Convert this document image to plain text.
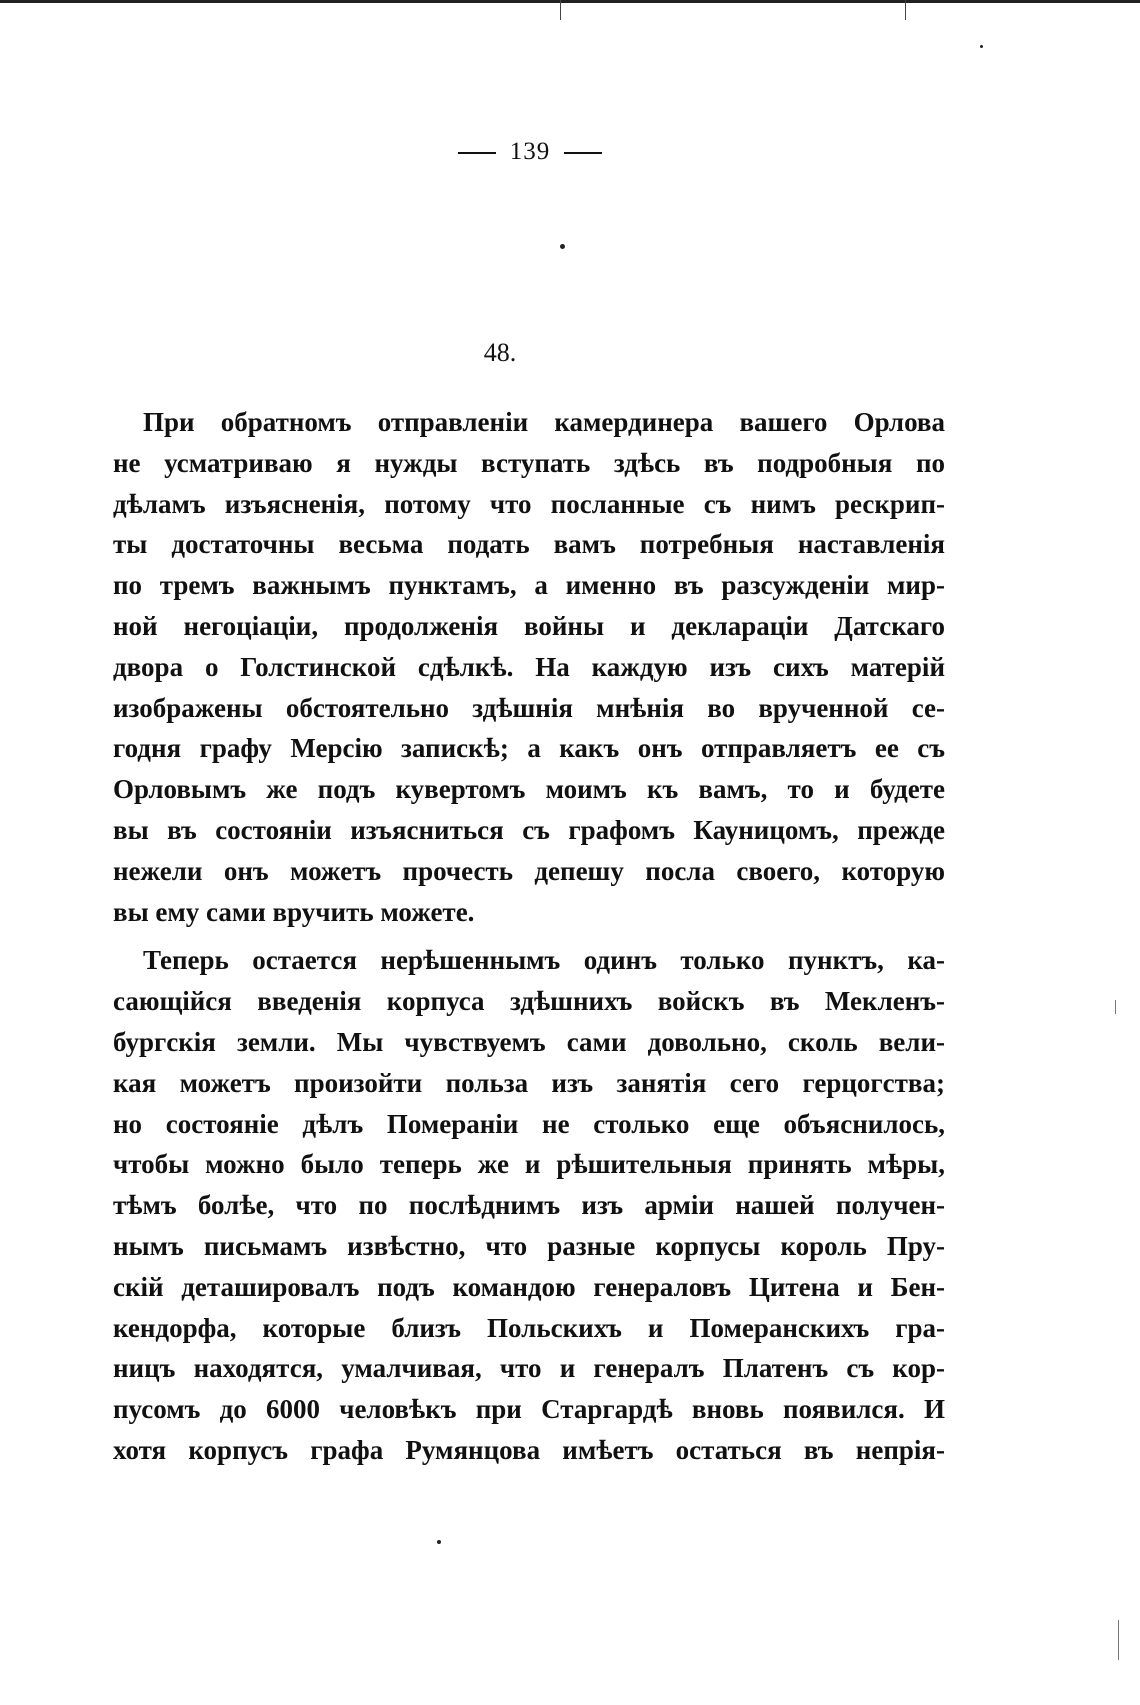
139
48.
При обратномъ отправленіи камердинера вашего Орлова
не усматриваю я нужды вступать здѣсь въ подробныя по
дѣламъ изъясненія, потому что посланные съ нимъ рескрип-
ты достаточны весьма подать вамъ потребныя наставленія
по тремъ важнымъ пунктамъ, а именно въ разсужденіи мир-
ной негоціаціи, продолженія войны и деклараціи Датскаго
двора о Голстинской сдѣлкѣ. На каждую изъ сихъ матерій
изображены обстоятельно здѣшнія мнѣнія во врученной се-
годня графу Мерсію запискѣ; а какъ онъ отправляетъ ее съ
Орловымъ же подъ кувертомъ моимъ къ вамъ, то и будете
вы въ состояніи изъясниться съ графомъ Кауницомъ, прежде
нежели онъ можетъ прочесть депешу посла своего, которую
вы ему сами вручить можете.
Теперь остается нерѣшеннымъ одинъ только пунктъ, ка-
сающійся введенія корпуса здѣшнихъ войскъ въ Мекленъ-
бургскія земли. Мы чувствуемъ сами довольно, сколь вели-
кая можетъ произойти польза изъ занятія сего герцогства;
но состояніе дѣлъ Помераніи не столько еще объяснилось,
чтобы можно было теперь же и рѣшительныя принять мѣры,
тѣмъ болѣе, что по послѣднимъ изъ арміи нашей получен-
нымъ письмамъ извѣстно, что разные корпусы король Пру-
скій деташировалъ подъ командою генераловъ Цитена и Бен-
кендорфа, которые близъ Польскихъ и Померанскихъ гра-
ницъ находятся, умалчивая, что и генералъ Платенъ съ кор-
пусомъ до 6000 человѣкъ при Старгардѣ вновь появился. И
хотя корпусъ графа Румянцова имѣетъ остаться въ непрія-
